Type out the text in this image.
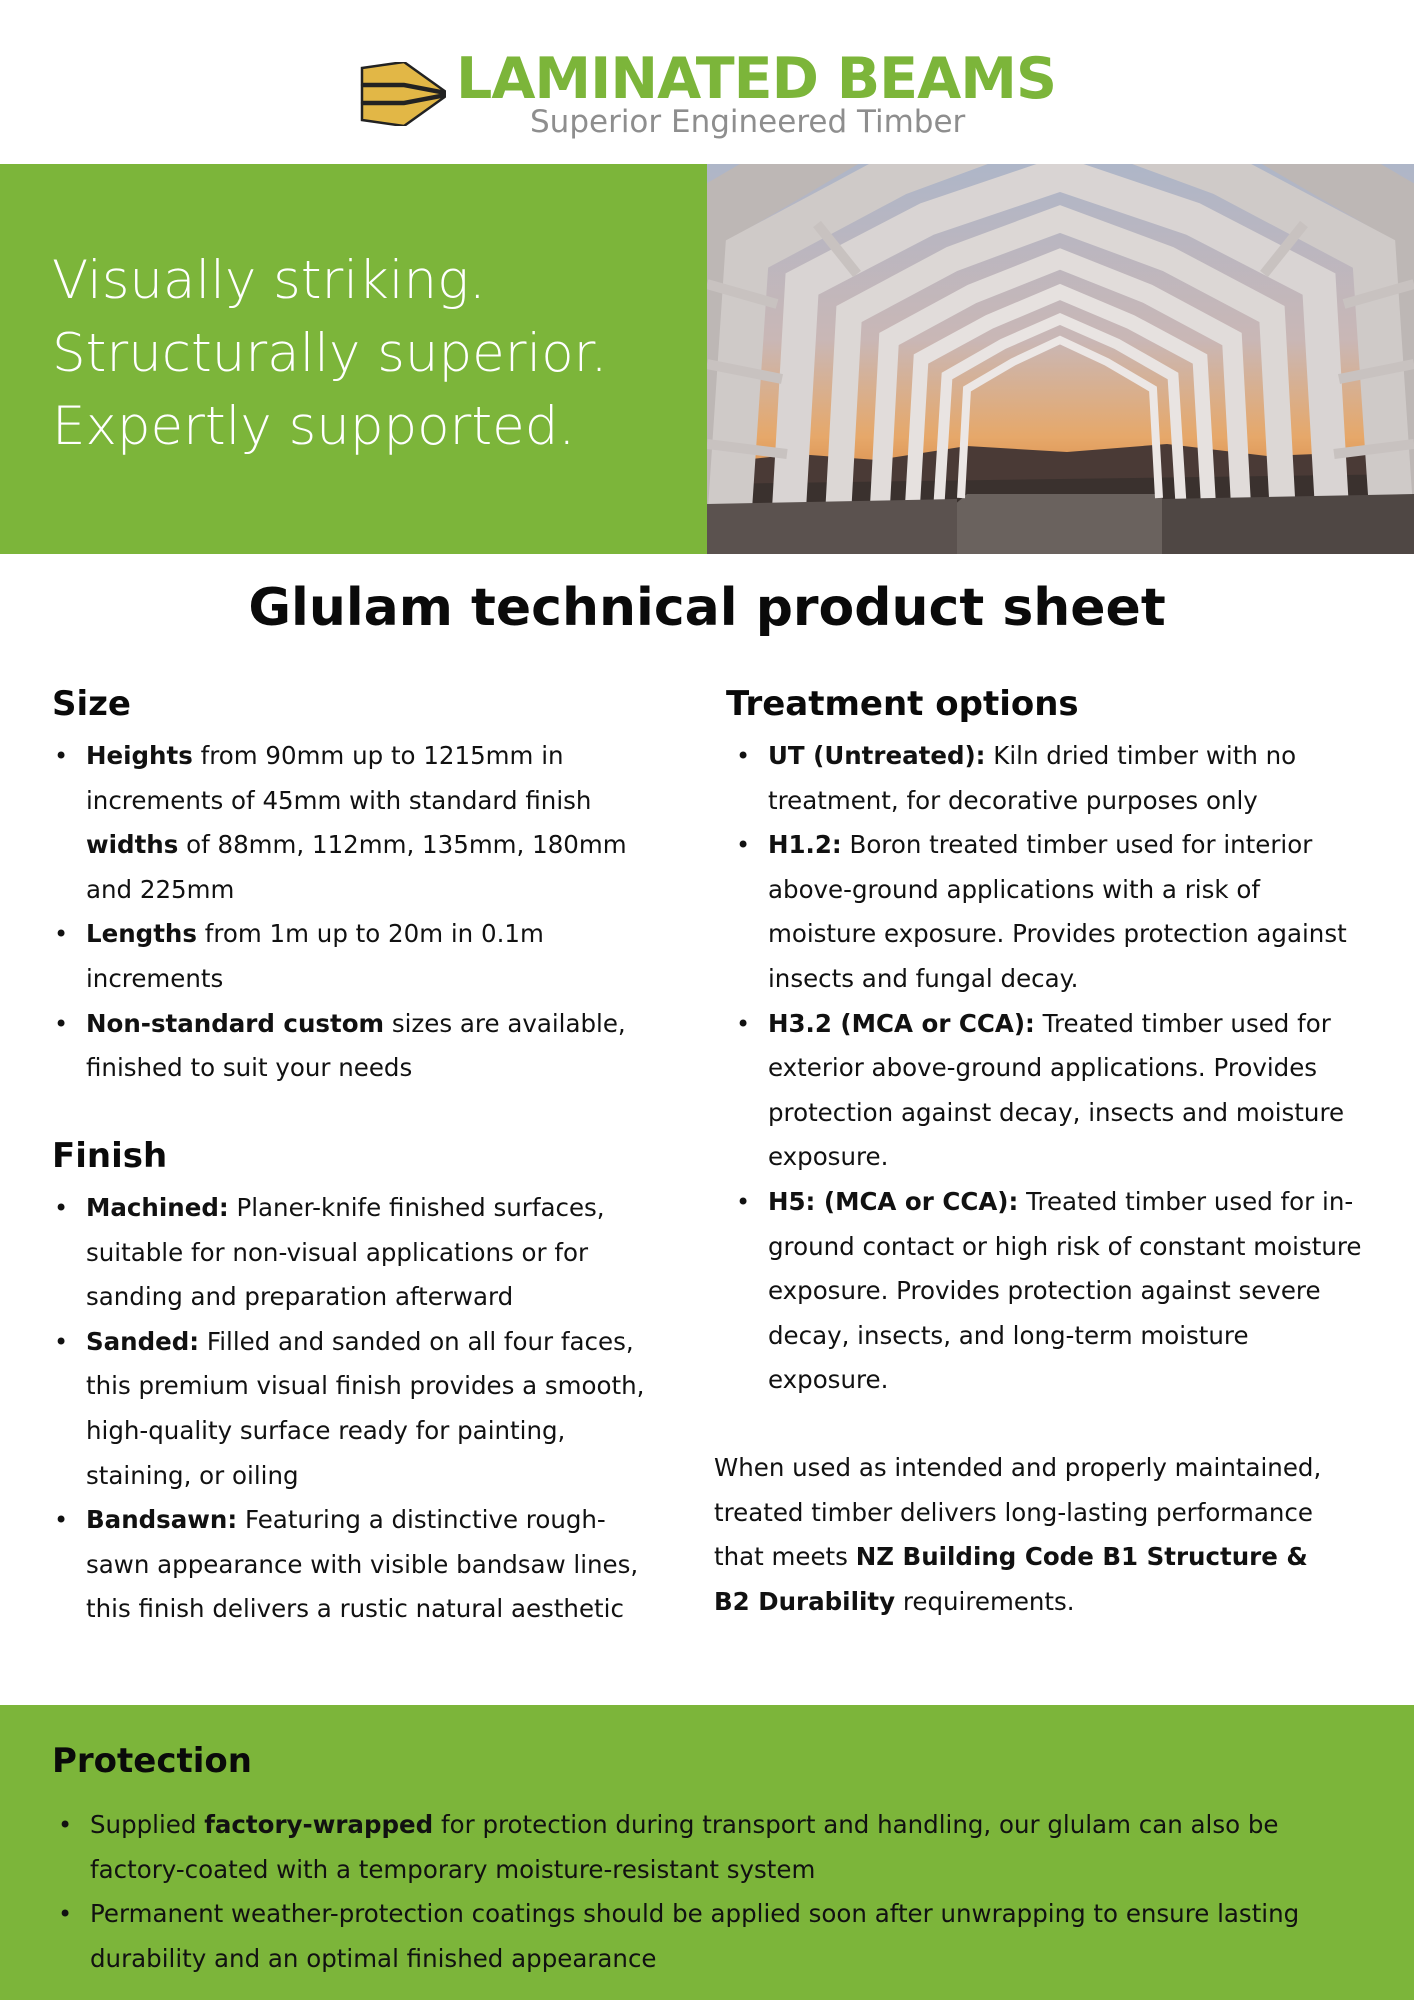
LAMINATED BEAMS
Superior Engineered Timber
Visually striking.
Structurally superior.
Expertly supported.
Glulam technical product sheet
Size
• Heights from 90mm up to 1215mm in increments of 45mm with standard finish widths of 88mm, 112mm, 135mm, 180mm and 225mm
• Lengths from 1m up to 20m in 0.1m increments
• Non-standard custom sizes are available, finished to suit your needs
Finish
• Machined: Planer-knife finished surfaces, suitable for non-visual applications or for sanding and preparation afterward
• Sanded: Filled and sanded on all four faces, this premium visual finish provides a smooth, high-quality surface ready for painting, staining, or oiling
• Bandsawn: Featuring a distinctive rough-sawn appearance with visible bandsaw lines, this finish delivers a rustic natural aesthetic
Treatment options
• UT (Untreated): Kiln dried timber with no treatment, for decorative purposes only
• H1.2: Boron treated timber used for interior above-ground applications with a risk of moisture exposure. Provides protection against insects and fungal decay.
• H3.2 (MCA or CCA): Treated timber used for exterior above-ground applications. Provides protection against decay, insects and moisture exposure.
• H5: (MCA or CCA): Treated timber used for in-ground contact or high risk of constant moisture exposure. Provides protection against severe decay, insects, and long-term moisture exposure.

When used as intended and properly maintained, treated timber delivers long-lasting performance that meets NZ Building Code B1 Structure & B2 Durability requirements.

Protection
• Supplied factory-wrapped for protection during transport and handling, our glulam can also be factory-coated with a temporary moisture-resistant system
• Permanent weather-protection coatings should be applied soon after unwrapping to ensure lasting durability and an optimal finished appearance
